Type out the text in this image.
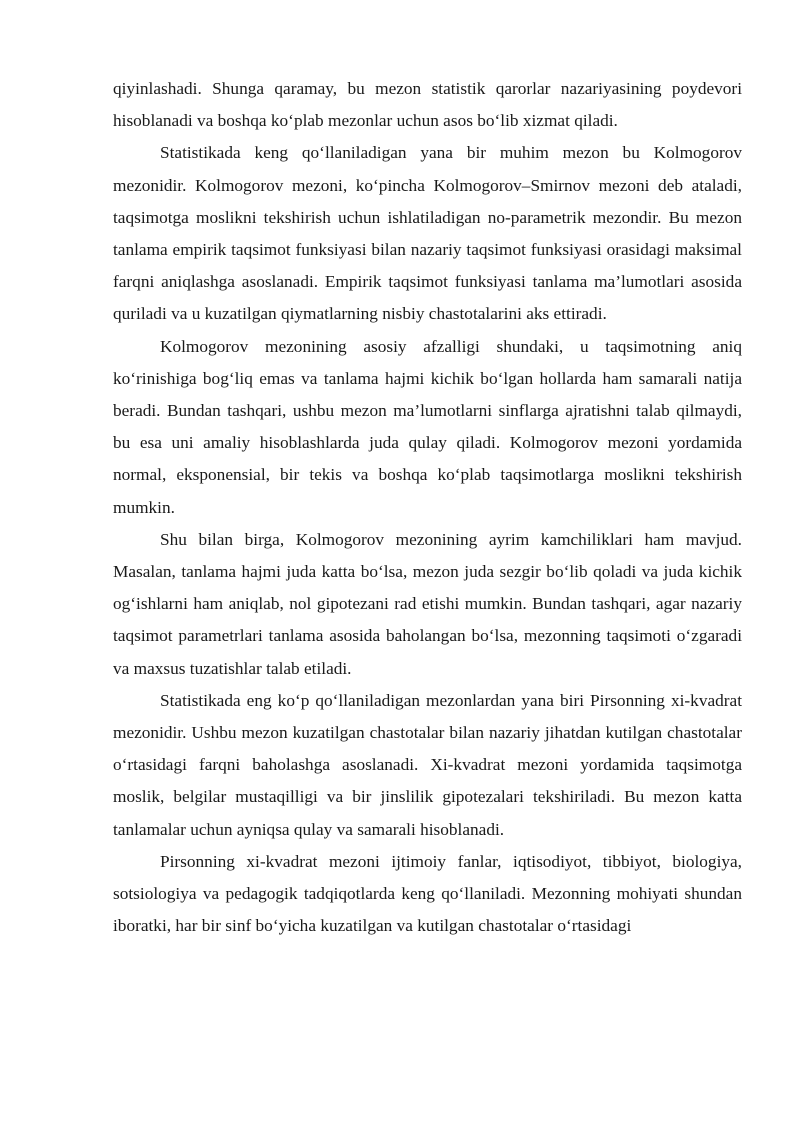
qiyinlashadi. Shunga qaramay, bu mezon statistik qarorlar nazariyasining poydevori hisoblanadi va boshqa ko‘plab mezonlar uchun asos bo‘lib xizmat qiladi.

Statistikada keng qo‘llaniladigan yana bir muhim mezon bu Kolmogorov mezonidir. Kolmogorov mezoni, ko‘pincha Kolmogorov–Smirnov mezoni deb ataladi, taqsimotga moslikni tekshirish uchun ishlatiladigan no-parametrik mezondir. Bu mezon tanlama empirik taqsimot funksiyasi bilan nazariy taqsimot funksiyasi orasidagi maksimal farqni aniqlashga asoslanadi. Empirik taqsimot funksiyasi tanlama ma’lumotlari asosida quriladi va u kuzatilgan qiymatlarning nisbiy chastotalarini aks ettiradi.

Kolmogorov mezonining asosiy afzalligi shundaki, u taqsimotning aniq ko‘rinishiga bog‘liq emas va tanlama hajmi kichik bo‘lgan hollarda ham samarali natija beradi. Bundan tashqari, ushbu mezon ma’lumotlarni sinflarga ajratishni talab qilmaydi, bu esa uni amaliy hisoblashlarda juda qulay qiladi. Kolmogorov mezoni yordamida normal, eksponensial, bir tekis va boshqa ko‘plab taqsimotlarga moslikni tekshirish mumkin.

Shu bilan birga, Kolmogorov mezonining ayrim kamchiliklari ham mavjud. Masalan, tanlama hajmi juda katta bo‘lsa, mezon juda sezgir bo‘lib qoladi va juda kichik og‘ishlarni ham aniqlab, nol gipotezani rad etishi mumkin. Bundan tashqari, agar nazariy taqsimot parametrlari tanlama asosida baholangan bo‘lsa, mezonning taqsimoti o‘zgaradi va maxsus tuzatishlar talab etiladi.

Statistikada eng ko‘p qo‘llaniladigan mezonlardan yana biri Pirsonning xi-kvadrat mezonidir. Ushbu mezon kuzatilgan chastotalar bilan nazariy jihatdan kutilgan chastotalar o‘rtasidagi farqni baholashga asoslanadi. Xi-kvadrat mezoni yordamida taqsimotga moslik, belgilar mustaqilligi va bir jinslilik gipotezalari tekshiriladi. Bu mezon katta tanlamalar uchun ayniqsa qulay va samarali hisoblanadi.

Pirsonning xi-kvadrat mezoni ijtimoiy fanlar, iqtisodiyot, tibbiyot, biologiya, sotsiologiya va pedagogik tadqiqotlarda keng qo‘llaniladi. Mezonning mohiyati shundan iboratki, har bir sinf bo‘yicha kuzatilgan va kutilgan chastotalar o‘rtasidagi
